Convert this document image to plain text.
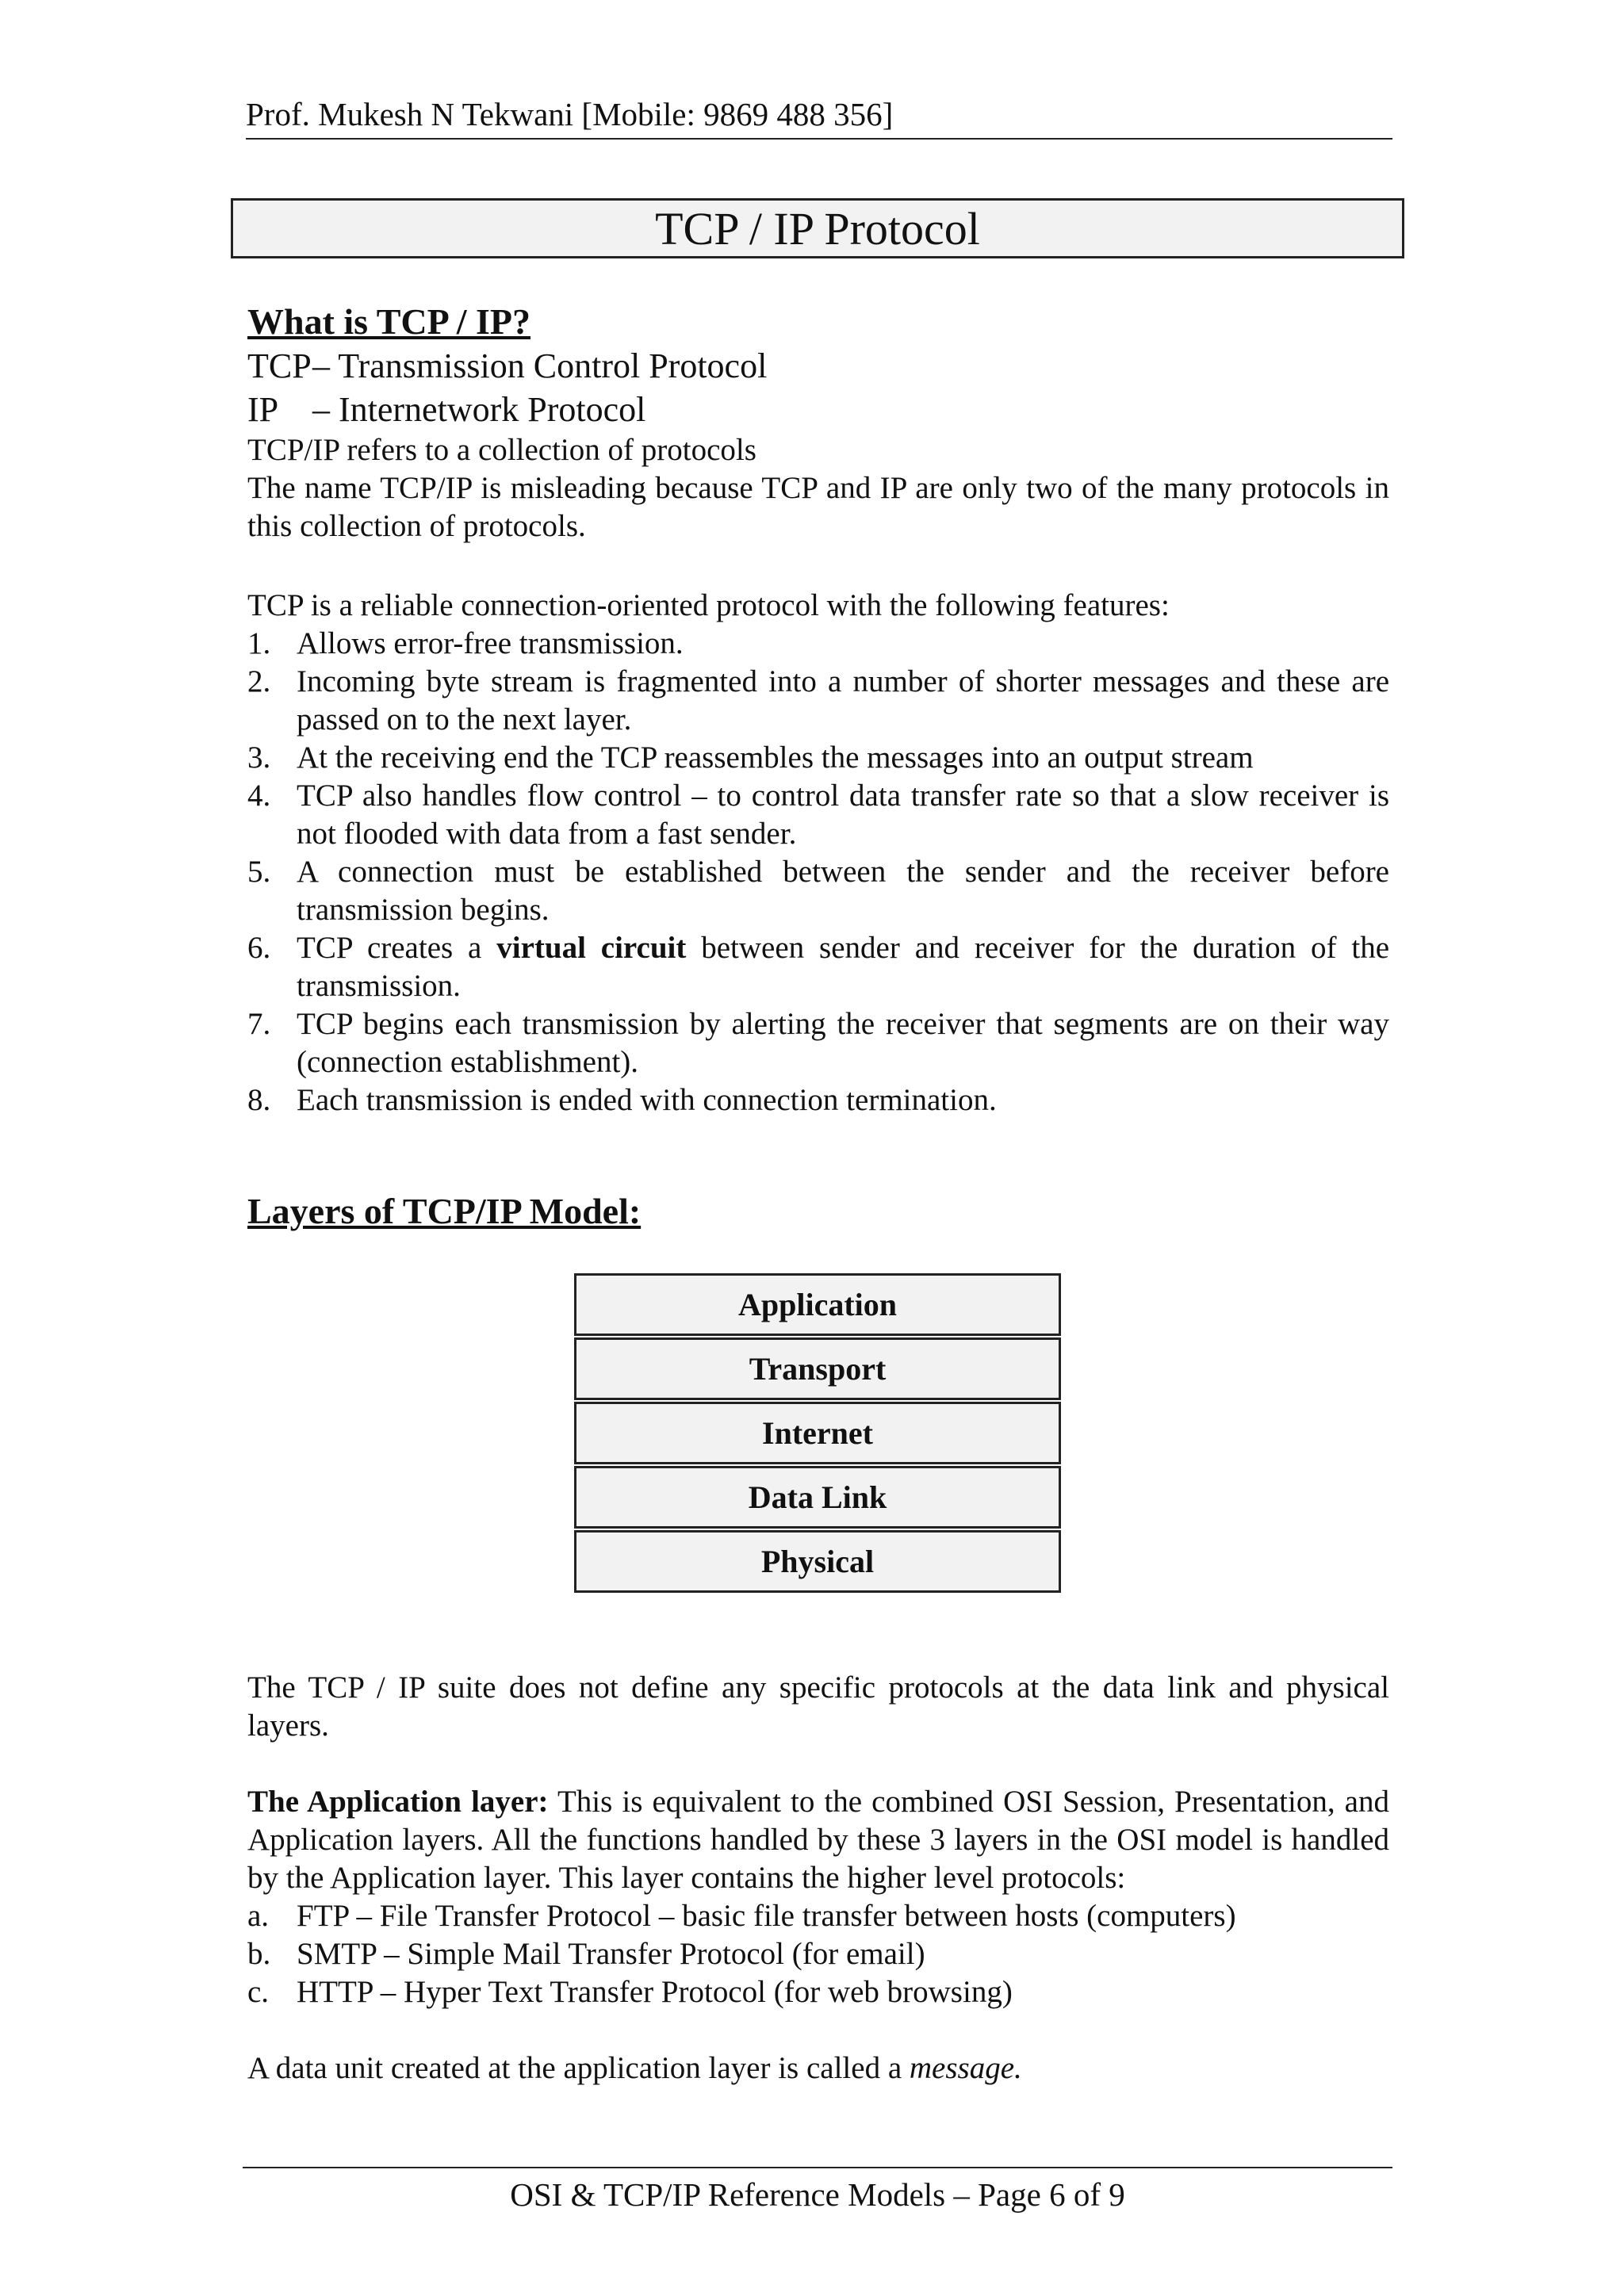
Prof. Mukesh N Tekwani [Mobile: 9869 488 356]
TCP / IP Protocol
What is TCP / IP?
TCP– Transmission Control Protocol
IP – Internetwork Protocol
TCP/IP refers to a collection of protocols
The name TCP/IP is misleading because TCP and IP are only two of the many protocols in this collection of protocols.
TCP is a reliable connection-oriented protocol with the following features:
1. Allows error-free transmission.
2. Incoming byte stream is fragmented into a number of shorter messages and these are passed on to the next layer.
3. At the receiving end the TCP reassembles the messages into an output stream
4. TCP also handles flow control – to control data transfer rate so that a slow receiver is not flooded with data from a fast sender.
5. A connection must be established between the sender and the receiver before transmission begins.
6. TCP creates a virtual circuit between sender and receiver for the duration of the transmission.
7. TCP begins each transmission by alerting the receiver that segments are on their way (connection establishment).
8. Each transmission is ended with connection termination.
Layers of TCP/IP Model:
Application
Transport
Internet
Data Link
Physical
The TCP / IP suite does not define any specific protocols at the data link and physical layers.
The Application layer: This is equivalent to the combined OSI Session, Presentation, and Application layers. All the functions handled by these 3 layers in the OSI model is handled by the Application layer. This layer contains the higher level protocols:
a. FTP – File Transfer Protocol – basic file transfer between hosts (computers)
b. SMTP – Simple Mail Transfer Protocol (for email)
c. HTTP – Hyper Text Transfer Protocol (for web browsing)
A data unit created at the application layer is called a message.
OSI & TCP/IP Reference Models – Page 6 of 9
